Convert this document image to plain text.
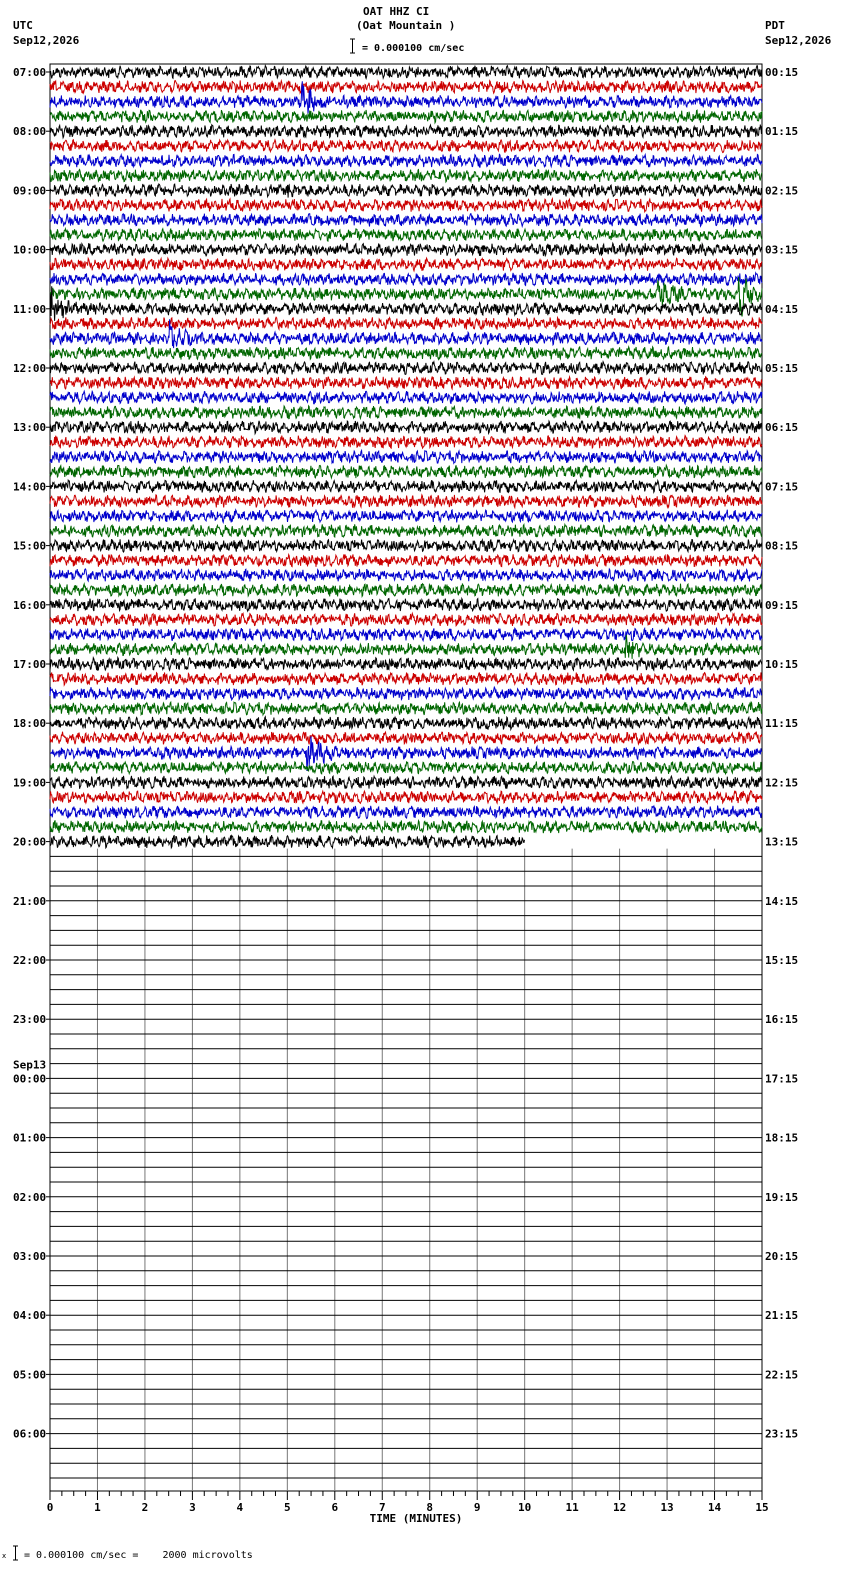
OAT HHZ CI
(Oat Mountain )
= 0.000100 cm/sec
UTC
Sep12,2026
PDT
Sep12,2026
07:00
08:00
09:00
10:00
11:00
12:00
13:00
14:00
15:00
16:00
17:00
18:00
19:00
20:00
21:00
22:00
23:00
00:00
Sep13
01:00
02:00
03:00
04:00
05:00
06:00
00:15
01:15
02:15
03:15
04:15
05:15
06:15
07:15
08:15
09:15
10:15
11:15
12:15
13:15
14:15
15:15
16:15
17:15
18:15
19:15
20:15
21:15
22:15
23:15
0	1	2	3	4	5	6	7	8	9	10	11	12	13	14	15
TIME (MINUTES)
x = 0.000100 cm/sec =    2000 microvolts
